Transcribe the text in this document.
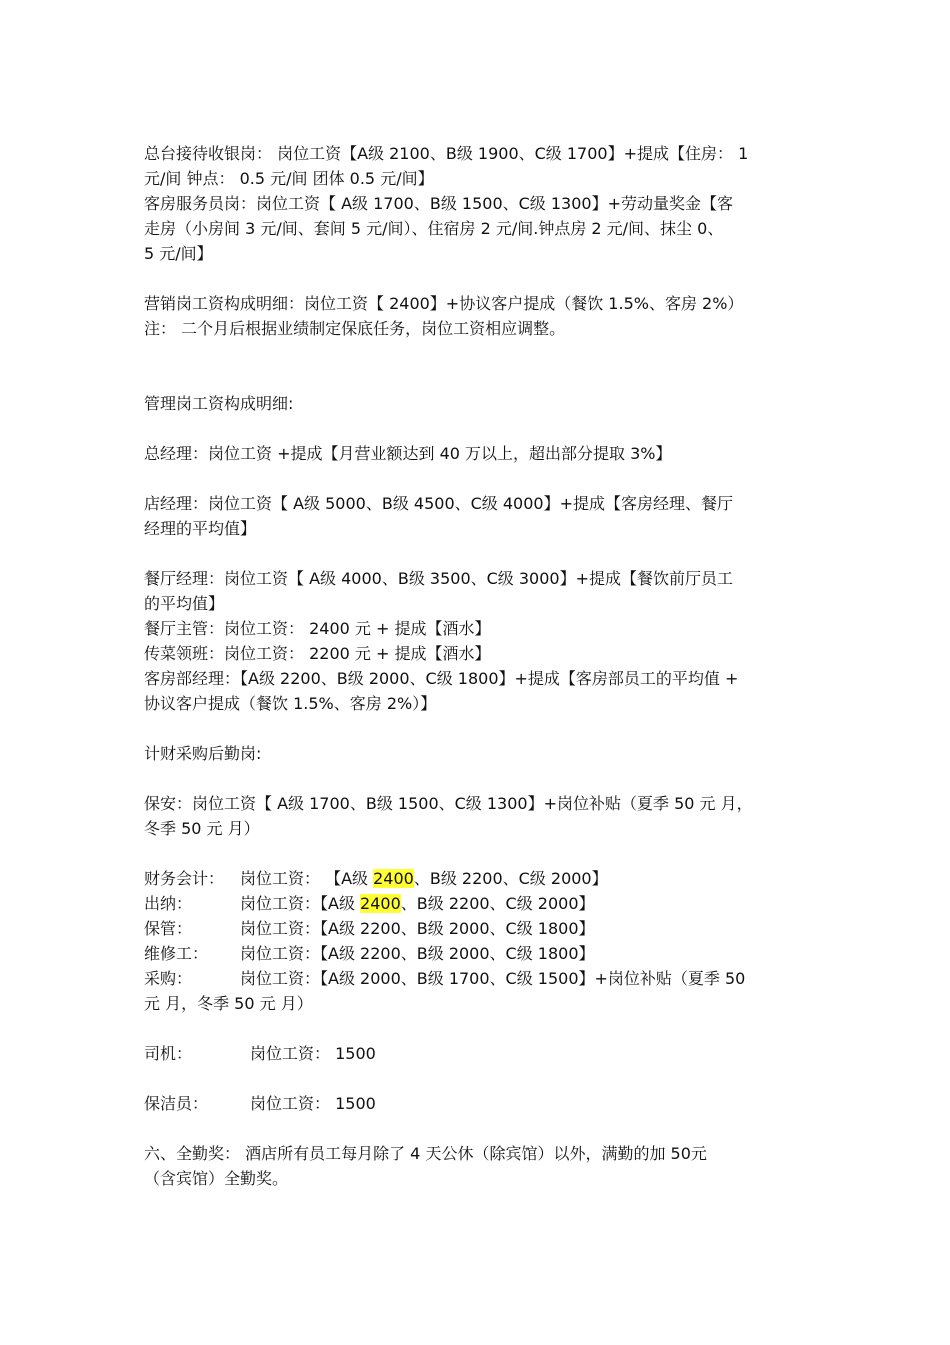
总台接待收银岗： 岗位工资【A级 2100、B级 1900、C级 1700】+提成【住房： 1
元/间 钟点： 0.5 元/间 团体 0.5 元/间】
客房服务员岗：岗位工资【 A级 1700、B级 1500、C级 1300】+劳动量奖金【客
走房（小房间 3 元/间、套间 5 元/间）、住宿房 2 元/间.钟点房 2 元/间、抹尘 0、
5 元/间】
营销岗工资构成明细：岗位工资【 2400】+协议客户提成（餐饮 1.5%、客房 2%）
注： 二个月后根据业绩制定保底任务，岗位工资相应调整。
管理岗工资构成明细:
总经理：岗位工资 +提成【月营业额达到 40 万以上，超出部分提取 3%】
店经理：岗位工资【 A级 5000、B级 4500、C级 4000】+提成【客房经理、餐厅
经理的平均值】
餐厅经理：岗位工资【 A级 4000、B级 3500、C级 3000】+提成【餐饮前厅员工
的平均值】
餐厅主管：岗位工资： 2400 元 + 提成【酒水】
传菜领班：岗位工资： 2200 元 + 提成【酒水】
客房部经理：【A级 2200、B级 2000、C级 1800】+提成【客房部员工的平均值 +
协议客户提成（餐饮 1.5%、客房 2%）】
计财采购后勤岗:
保安：岗位工资【 A级 1700、B级 1500、C级 1300】+岗位补贴（夏季 50 元 月，
冬季 50 元 月）
财务会计： 岗位工资： 【A级 2400、B级 2200、C级 2000】
出纳：	岗位工资：【A级 2400、B级 2200、C级 2000】
保管：	岗位工资：【A级 2200、B级 2000、C级 1800】
维修工： 岗位工资：【A级 2200、B级 2000、C级 1800】
采购：	岗位工资：【A级 2000、B级 1700、C级 1500】+岗位补贴（夏季 50
元 月，冬季 50 元 月）
司机：	岗位工资： 1500
保洁员：	岗位工资： 1500
六、全勤奖： 酒店所有员工每月除了 4 天公休（除宾馆）以外，满勤的加 50元
（含宾馆）全勤奖。
